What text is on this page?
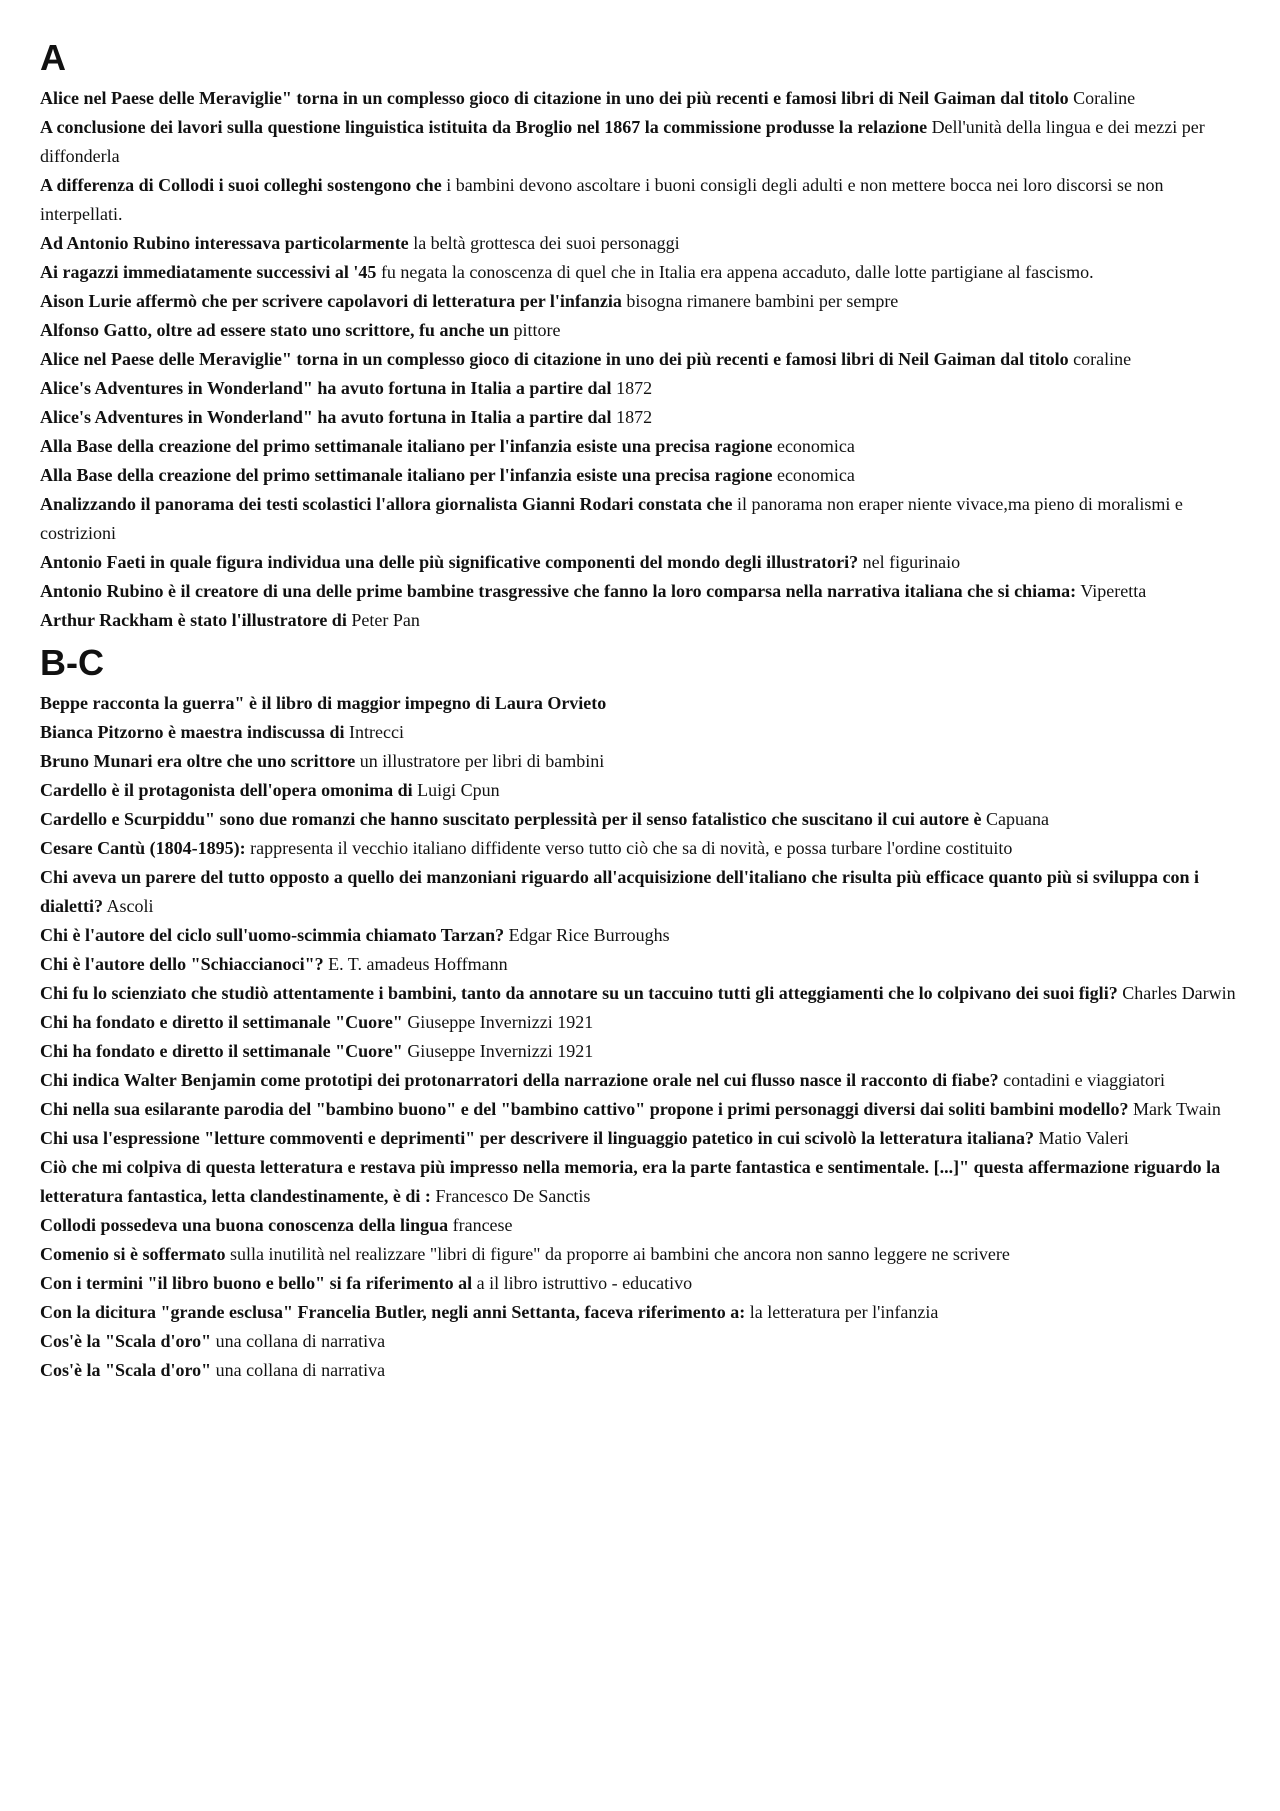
A
Alice nel Paese delle Meraviglie" torna in un complesso gioco di citazione in uno dei più recenti e famosi libri di Neil Gaiman dal titolo Coraline
A conclusione dei lavori sulla questione linguistica istituita da Broglio nel 1867 la commissione produsse la relazione Dell'unità della lingua e dei mezzi per diffonderla
A differenza di Collodi i suoi colleghi sostengono che i bambini devono ascoltare i buoni consigli degli adulti e non mettere bocca nei loro discorsi se non interpellati.
Ad Antonio Rubino interessava particolarmente la beltà grottesca dei suoi personaggi
Ai ragazzi immediatamente successivi al '45 fu negata la conoscenza di quel che in Italia era appena accaduto, dalle lotte partigiane al fascismo.
Aison Lurie affermò che per scrivere capolavori di letteratura per l'infanzia bisogna rimanere bambini per sempre
Alfonso Gatto, oltre ad essere stato uno scrittore, fu anche un pittore
Alice nel Paese delle Meraviglie" torna in un complesso gioco di citazione in uno dei più recenti e famosi libri di Neil Gaiman dal titolo coraline
Alice's Adventures in Wonderland" ha avuto fortuna in Italia a partire dal 1872
Alice's Adventures in Wonderland" ha avuto fortuna in Italia a partire dal 1872
Alla Base della creazione del primo settimanale italiano per l'infanzia esiste una precisa ragione economica
Alla Base della creazione del primo settimanale italiano per l'infanzia esiste una precisa ragione economica
Analizzando il panorama dei testi scolastici l'allora giornalista Gianni Rodari constata che il panorama non eraper niente vivace,ma pieno di moralismi e costrizioni
Antonio Faeti in quale figura individua una delle più significative componenti del mondo degli illustratori? nel figurinaio
Antonio Rubino è il creatore di una delle prime bambine trasgressive che fanno la loro comparsa nella narrativa italiana che si chiama: Viperetta
Arthur Rackham è stato l'illustratore di Peter Pan
B-C
Beppe racconta la guerra" è il libro di maggior impegno di Laura Orvieto
Bianca Pitzorno è maestra indiscussa di Intrecci
Bruno Munari era oltre che uno scrittore un illustratore per libri di bambini
Cardello è il protagonista dell'opera omonima di Luigi Cpun
Cardello e Scurpiddu" sono due romanzi che hanno suscitato perplessità per il senso fatalistico che suscitano il cui autore è Capuana
Cesare Cantù (1804-1895): rappresenta il vecchio italiano diffidente verso tutto ciò che sa di novità, e possa turbare l'ordine costituito
Chi aveva un parere del tutto opposto a quello dei manzoniani riguardo all'acquisizione dell'italiano che risulta più efficace quanto più si sviluppa con i dialetti? Ascoli
Chi è l'autore del ciclo sull'uomo-scimmia chiamato Tarzan? Edgar Rice Burroughs
Chi è l'autore dello "Schiaccianoci"? E. T. amadeus Hoffmann
Chi fu lo scienziato che studiò attentamente i bambini, tanto da annotare su un taccuino tutti gli atteggiamenti che lo colpivano dei suoi figli? Charles Darwin
Chi ha fondato e diretto il settimanale "Cuore" Giuseppe Invernizzi 1921
Chi ha fondato e diretto il settimanale "Cuore" Giuseppe Invernizzi 1921
Chi indica Walter Benjamin come prototipi dei protonarratori della narrazione orale nel cui flusso nasce il racconto di fiabe? contadini e viaggiatori
Chi nella sua esilarante parodia del "bambino buono" e del "bambino cattivo" propone i primi personaggi diversi dai soliti bambini modello? Mark Twain
Chi usa l'espressione "letture commoventi e deprimenti" per descrivere il linguaggio patetico in cui scivolò la letteratura italiana? Matio Valeri
Ciò che mi colpiva di questa letteratura e restava più impresso nella memoria, era la parte fantastica e sentimentale. [...]" questa affermazione riguardo la letteratura fantastica, letta clandestinamente, è di : Francesco De Sanctis
Collodi possedeva una buona conoscenza della lingua francese
Comenio si è soffermato sulla inutilità nel realizzare "libri di figure" da proporre ai bambini che ancora non sanno leggere ne scrivere
Con i termini "il libro buono e bello" si fa riferimento al a il libro istruttivo - educativo
Con la dicitura "grande esclusa" Francelia Butler, negli anni Settanta, faceva riferimento a: la letteratura per l'infanzia
Cos'è la "Scala d'oro" una collana di narrativa
Cos'è la "Scala d'oro" una collana di narrativa
